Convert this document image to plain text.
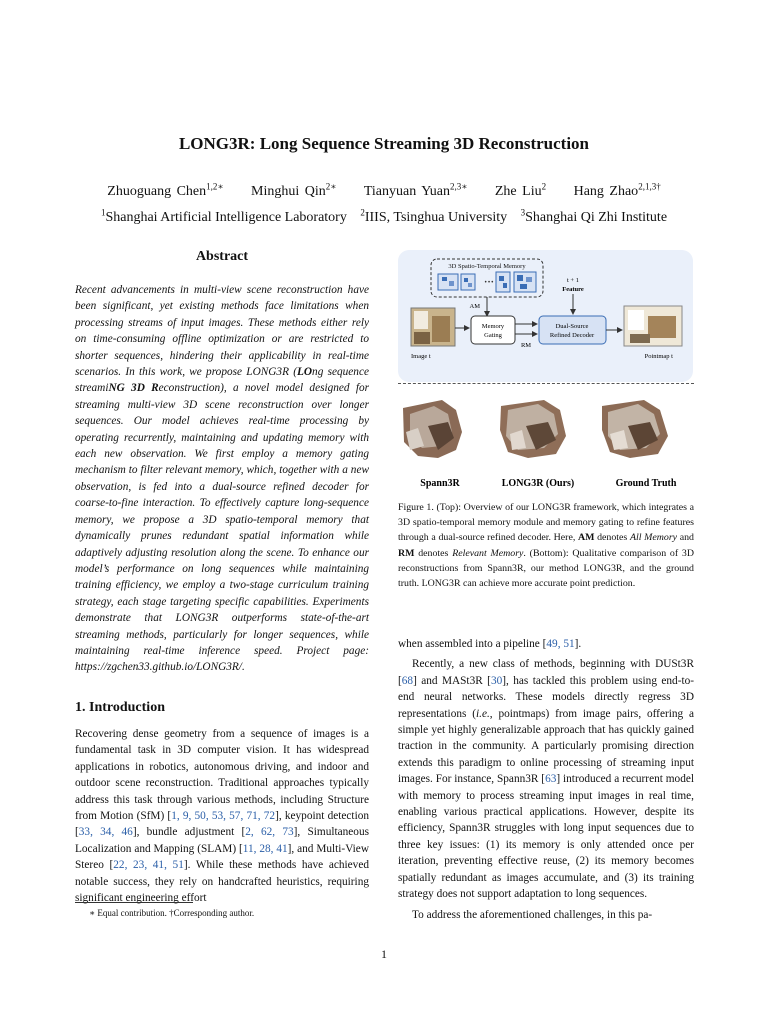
LONG3R: Long Sequence Streaming 3D Reconstruction
Zhuoguang Chen$^{1,2∗}$ Minghui Qin$^{2∗}$ Tianyuan Yuan$^{2,3∗}$ Zhe Liu$^2$ Hang Zhao$^{2,1,3\dagger}$
$^1$Shanghai Artificial Intelligence Laboratory $^2$IIIS, Tsinghua University $^3$Shanghai Qi Zhi Institute
Abstract
Recent advancements in multi-view scene reconstruction have been significant, yet existing methods face limitations when processing streams of input images. These methods either rely on time-consuming offline optimization or are restricted to shorter sequences, hindering their applicability in real-time scenarios. In this work, we propose LONG3R (LOng sequence streamiNG 3D Reconstruction), a novel model designed for streaming multi-view 3D scene reconstruction over longer sequences. Our model achieves real-time processing by operating recurrently, maintaining and updating memory with each new observation. We first employ a memory gating mechanism to filter relevant memory, which, together with a new observation, is fed into a dual-source refined decoder for coarse-to-fine interaction. To effectively capture long-sequence memory, we propose a 3D spatio-temporal memory that dynamically prunes redundant spatial information while adaptively adjusting resolution along the scene. To enhance our model’s performance on long sequences while maintaining training efficiency, we employ a two-stage curriculum training strategy, each stage targeting specific capabilities. Experiments demonstrate that LONG3R outperforms state-of-the-art streaming methods, particularly for longer sequences, while maintaining real-time inference speed. Project page: https://zgchen33.github.io/LONG3R/.
1. Introduction
Recovering dense geometry from a sequence of images is a fundamental task in 3D computer vision. It has widespread applications in robotics, autonomous driving, and indoor and outdoor scene reconstruction. Traditional approaches typically address this task through various methods, including Structure from Motion (SfM) [1, 9, 50, 53, 57, 71, 72], keypoint detection [33, 34, 46], bundle adjustment [2, 62, 73], Simultaneous Localization and Mapping (SLAM) [11, 28, 41], and Multi-View Stereo [22, 23, 41, 51]. While these methods have achieved notable success, they rely on handcrafted heuristics, requiring significant engineering effort
∗ Equal contribution. †Corresponding author.
1
3D Spatio-Temporal Memory
···
AM
t + 1
Feature
Image t
Memory
Gating
RM
Dual-Source
Refined Decoder
Pointmap t
Spann3R	LONG3R (Ours)	Ground Truth
Figure 1. (Top): Overview of our LONG3R framework, which integrates a 3D spatio-temporal memory module and memory gating to refine features through a dual-source refined decoder. Here, AM denotes All Memory and RM denotes Relevant Memory. (Bottom): Qualitative comparison of 3D reconstructions from Spann3R, our method LONG3R, and the ground truth. LONG3R can achieve more accurate point prediction.

when assembled into a pipeline [49, 51].

Recently, a new class of methods, beginning with DUSt3R [68] and MASt3R [30], has tackled this problem using end-to-end neural networks. These models directly regress 3D representations (i.e., pointmaps) from image pairs, offering a simple yet highly generalizable approach that has quickly gained traction in the community. A particularly promising direction extends this paradigm to online processing of streaming input images. For instance, Spann3R [63] introduced a recurrent model with memory to process streaming input images in real time, enabling various practical applications. However, despite its efficiency, Spann3R struggles with long input sequences due to three key issues: (1) its memory is only attended once per iteration, preventing effective reuse, (2) its memory becomes spatially redundant as images accumulate, and (3) its training strategy does not support adaptation to long sequences.

To address the aforementioned challenges, in this pa-
